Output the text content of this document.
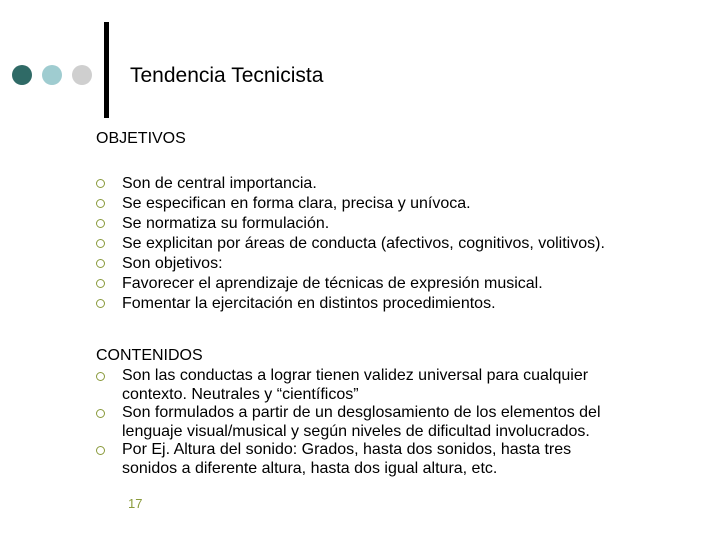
Tendencia Tecnicista
OBJETIVOS
Son de central importancia.
Se especifican en forma clara, precisa y unívoca.
Se normatiza su formulación.
Se explicitan por áreas de conducta (afectivos, cognitivos, volitivos).
Son objetivos:
Favorecer el aprendizaje de técnicas de expresión musical.
Fomentar la ejercitación en distintos procedimientos.
CONTENIDOS
Son las conductas a lograr tienen validez universal para cualquier
contexto. Neutrales y “científicos”
Son formulados a partir de un desglosamiento de los elementos del
lenguaje visual/musical y según niveles de dificultad involucrados.
Por Ej. Altura del sonido: Grados, hasta dos sonidos, hasta tres
sonidos a diferente altura, hasta dos igual altura, etc.
17
